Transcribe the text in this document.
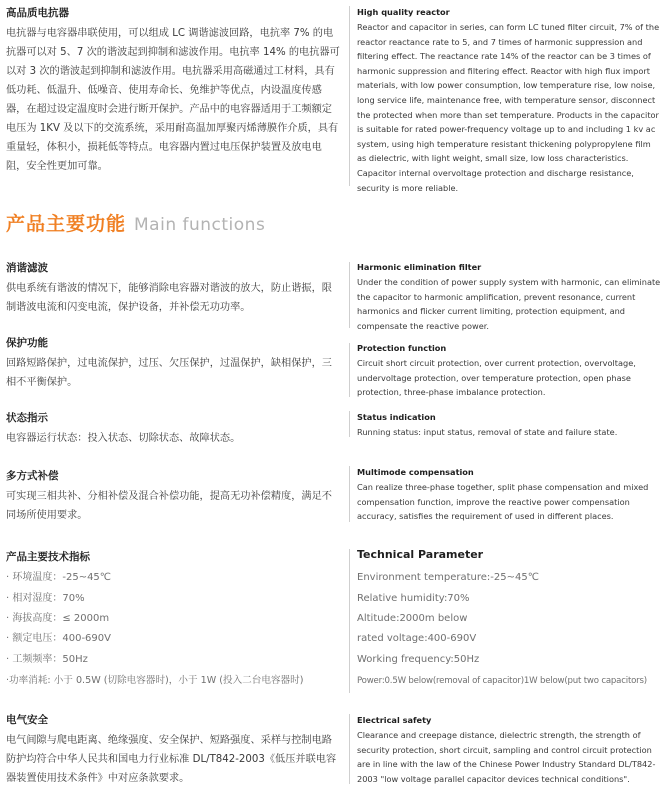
高品质电抗器

电抗器与电容器串联使用，可以组成 LC 调谐滤波回路，电抗率 7% 的电抗器可以对 5、7 次的谐波起到抑制和滤波作用。电抗率 14% 的电抗器可以对 3 次的谐波起到抑制和滤波作用。电抗器采用高磁通过工材料，具有低功耗、低温升、低噪音、使用寿命长、免维护等优点，内设温度传感器，在超过设定温度时会进行断开保护。产品中的电容器适用于工频额定电压为 1KV 及以下的交流系统，采用耐高温加厚聚丙烯薄膜作介质，具有重量轻，体积小，损耗低等特点。电容器内置过电压保护装置及放电电阻，安全性更加可靠。

High quality reactor

Reactor and capacitor in series, can form LC tuned filter circuit, 7% of the reactor reactance rate to 5, and 7 times of harmonic suppression and filtering effect. The reactance rate 14% of the reactor can be 3 times of harmonic suppression and filtering effect. Reactor with high flux import materials, with low power consumption, low temperature rise, low noise, long service life, maintenance free, with temperature sensor, disconnect the protected when more than set temperature. Products in the capacitor is suitable for rated power-frequency voltage up to and including 1 kv ac system, using high temperature resistant thickening polypropylene film as dielectric, with light weight, small size, low loss characteristics. Capacitor internal overvoltage protection and discharge resistance, security is more reliable.

产品主要功能 Main functions
消谐滤波

供电系统有谐波的情况下，能够消除电容器对谐波的放大，防止谐振，限制谐波电流和闪变电流，保护设备，并补偿无功功率。

Harmonic elimination filter

Under the condition of power supply system with harmonic, can eliminate the capacitor to harmonic amplification, prevent resonance, current harmonics and flicker current limiting, protection equipment, and compensate the reactive power.

保护功能

回路短路保护，过电流保护，过压、欠压保护，过温保护，缺相保护，三相不平衡保护。

Protection function

Circuit short circuit protection, over current protection, overvoltage, undervoltage protection, over temperature protection, open phase protection, three-phase imbalance protection.

状态指示

电容器运行状态：投入状态、切除状态、故障状态。

Status indication

Running status: input status, removal of state and failure state.

多方式补偿

可实现三相共补、分相补偿及混合补偿功能，提高无功补偿精度，满足不同场所使用要求。

Multimode compensation

Can realize three-phase together, split phase compensation and mixed compensation function, improve the reactive power compensation accuracy, satisfies the requirement of used in different places.

产品主要技术指标	Technical Parameter
· 环境温度：-25~45℃
· 相对湿度：70%
· 海拔高度：≤ 2000m
· 额定电压：400-690V
· 工频频率：50Hz
·功率消耗: 小于 0.5W (切除电容器时)，小于 1W (投入二台电容器时)
Environment temperature:-25~45℃
Relative humidity:70%
Altitude:2000m below
rated voltage:400-690V
Working frequency:50Hz
Power:0.5W below(removal of capacitor)1W below(put two capacitors)
电气安全

电气间隙与爬电距离、绝缘强度、安全保护、短路强度、采样与控制电路防护均符合中华人民共和国电力行业标准 DL/T842-2003《低压并联电容器装置使用技术条件》中对应条款要求。

Electrical safety

Clearance and creepage distance, dielectric strength, the strength of security protection, short circuit, sampling and control circuit protection are in line with the law of the Chinese Power Industry Standard DL/T842-2003 "low voltage parallel capacitor devices technical conditions".
